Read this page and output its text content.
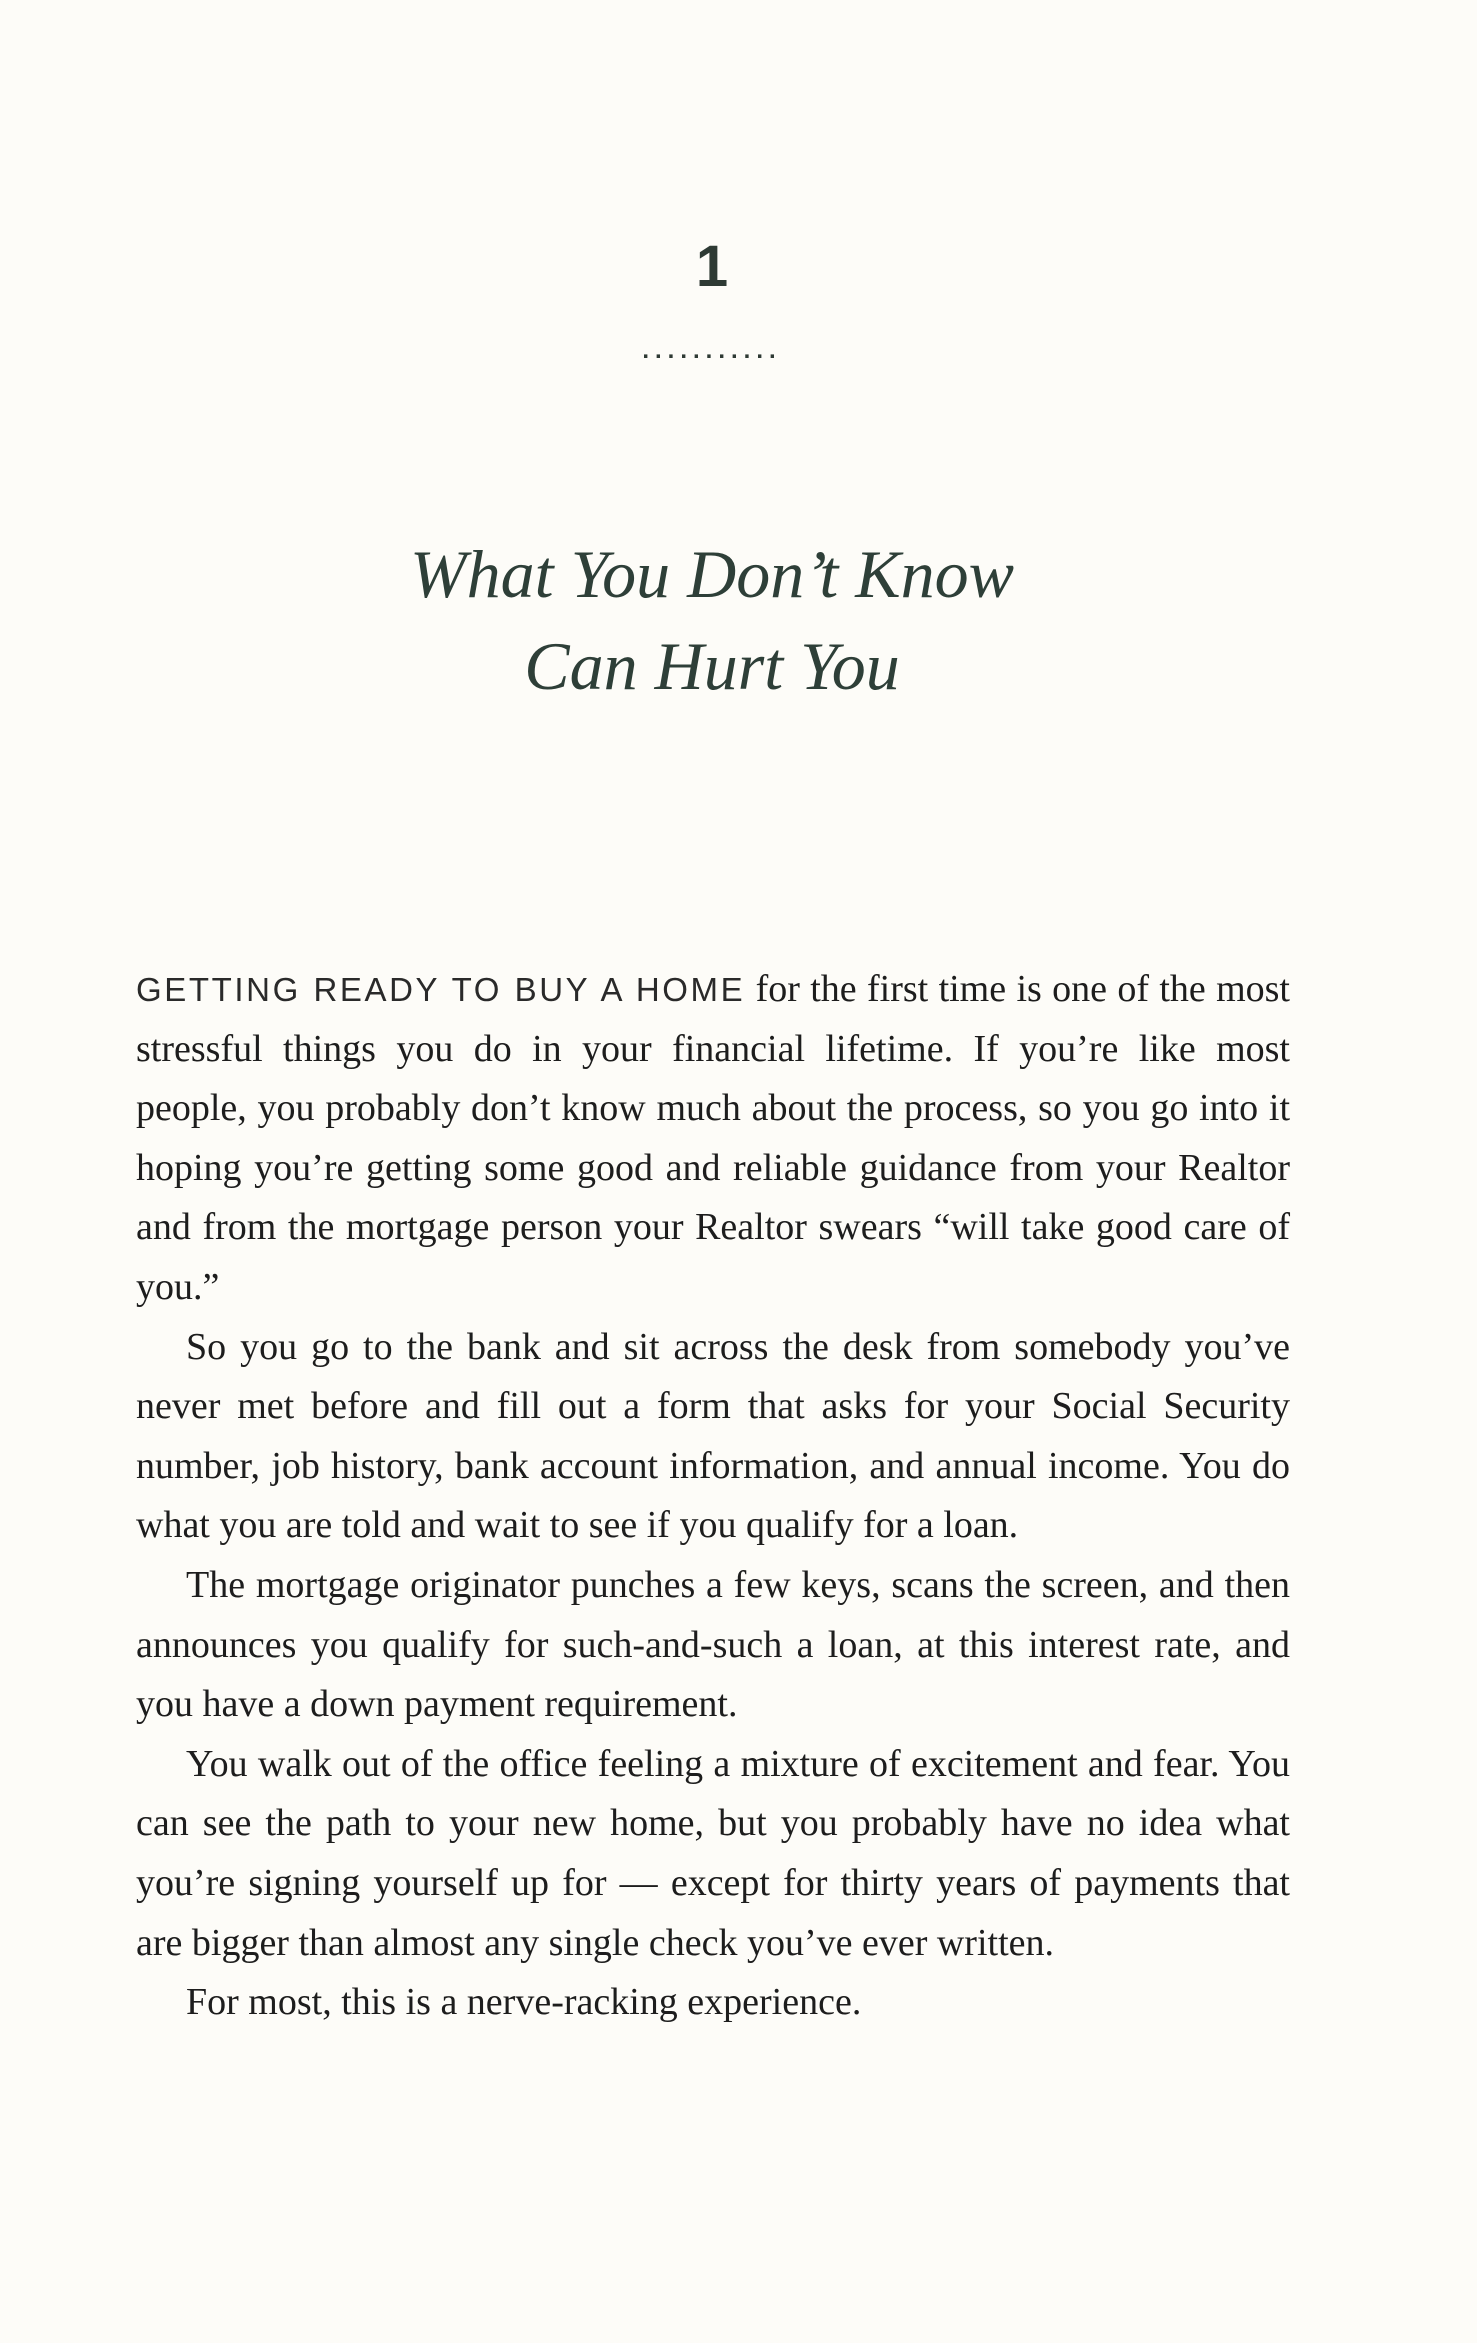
1
...........
What You Don’t Know
Can Hurt You

GETTING READY TO BUY A HOME for the first time is one of the most stressful things you do in your financial lifetime. If you’re like most people, you probably don’t know much about the process, so you go into it hoping you’re getting some good and reliable guidance from your Realtor and from the mortgage person your Realtor swears “will take good care of you.”

So you go to the bank and sit across the desk from somebody you’ve never met before and fill out a form that asks for your Social Security number, job history, bank account information, and annual income. You do what you are told and wait to see if you qualify for a loan.

The mortgage originator punches a few keys, scans the screen, and then announces you qualify for such-and-such a loan, at this interest rate, and you have a down payment requirement.

You walk out of the office feeling a mixture of excitement and fear. You can see the path to your new home, but you probably have no idea what you’re signing yourself up for — except for thirty years of payments that are bigger than almost any single check you’ve ever written.

For most, this is a nerve-racking experience.
